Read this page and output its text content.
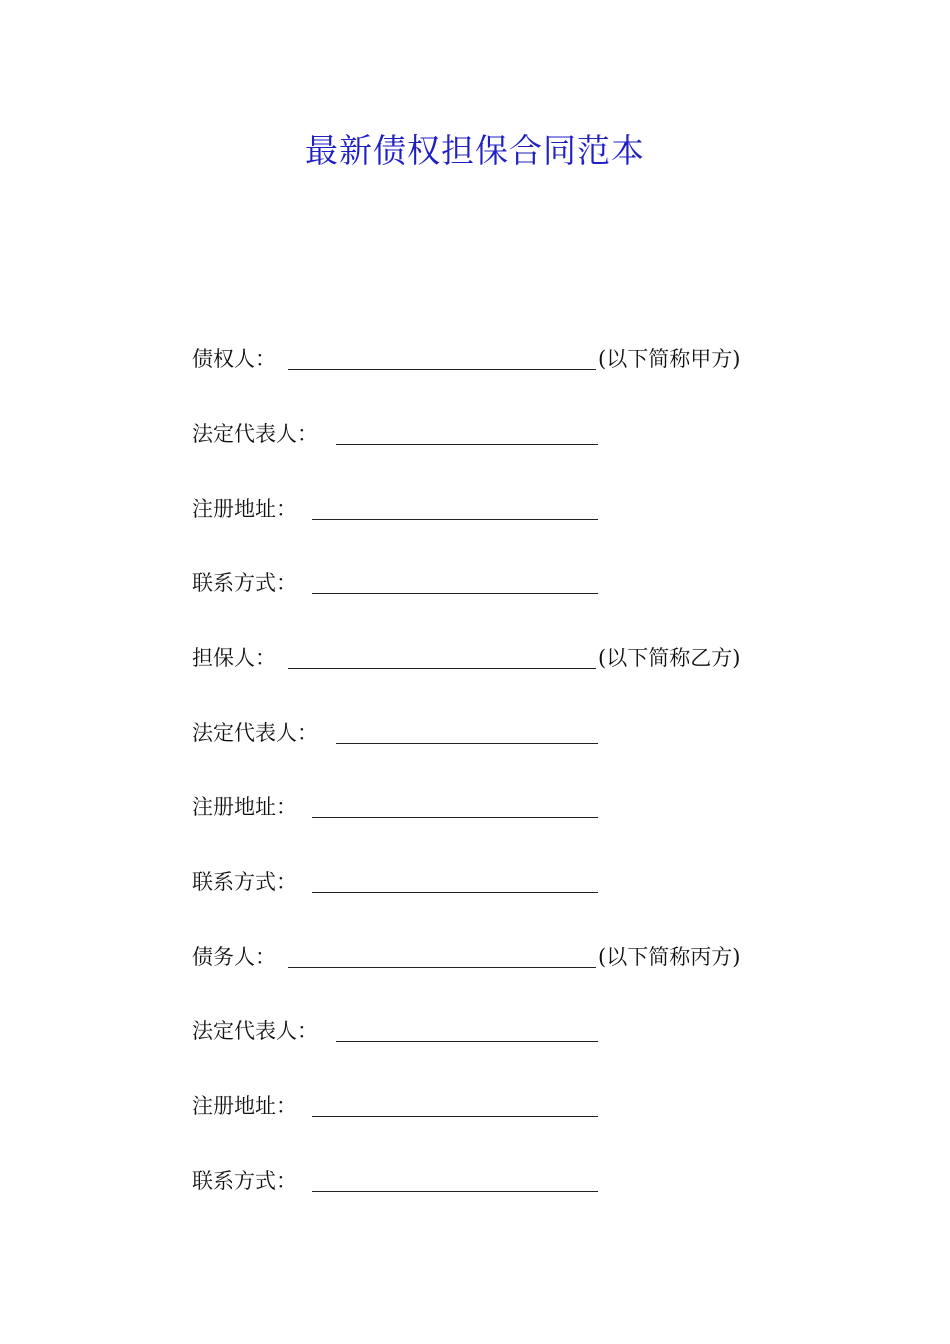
最新债权担保合同范本
债权人：	(以下简称甲方)
法定代表人：
注册地址：
联系方式：
担保人：	(以下简称乙方)
法定代表人：
注册地址：
联系方式：
债务人：	(以下简称丙方)
法定代表人：
注册地址：
联系方式：
